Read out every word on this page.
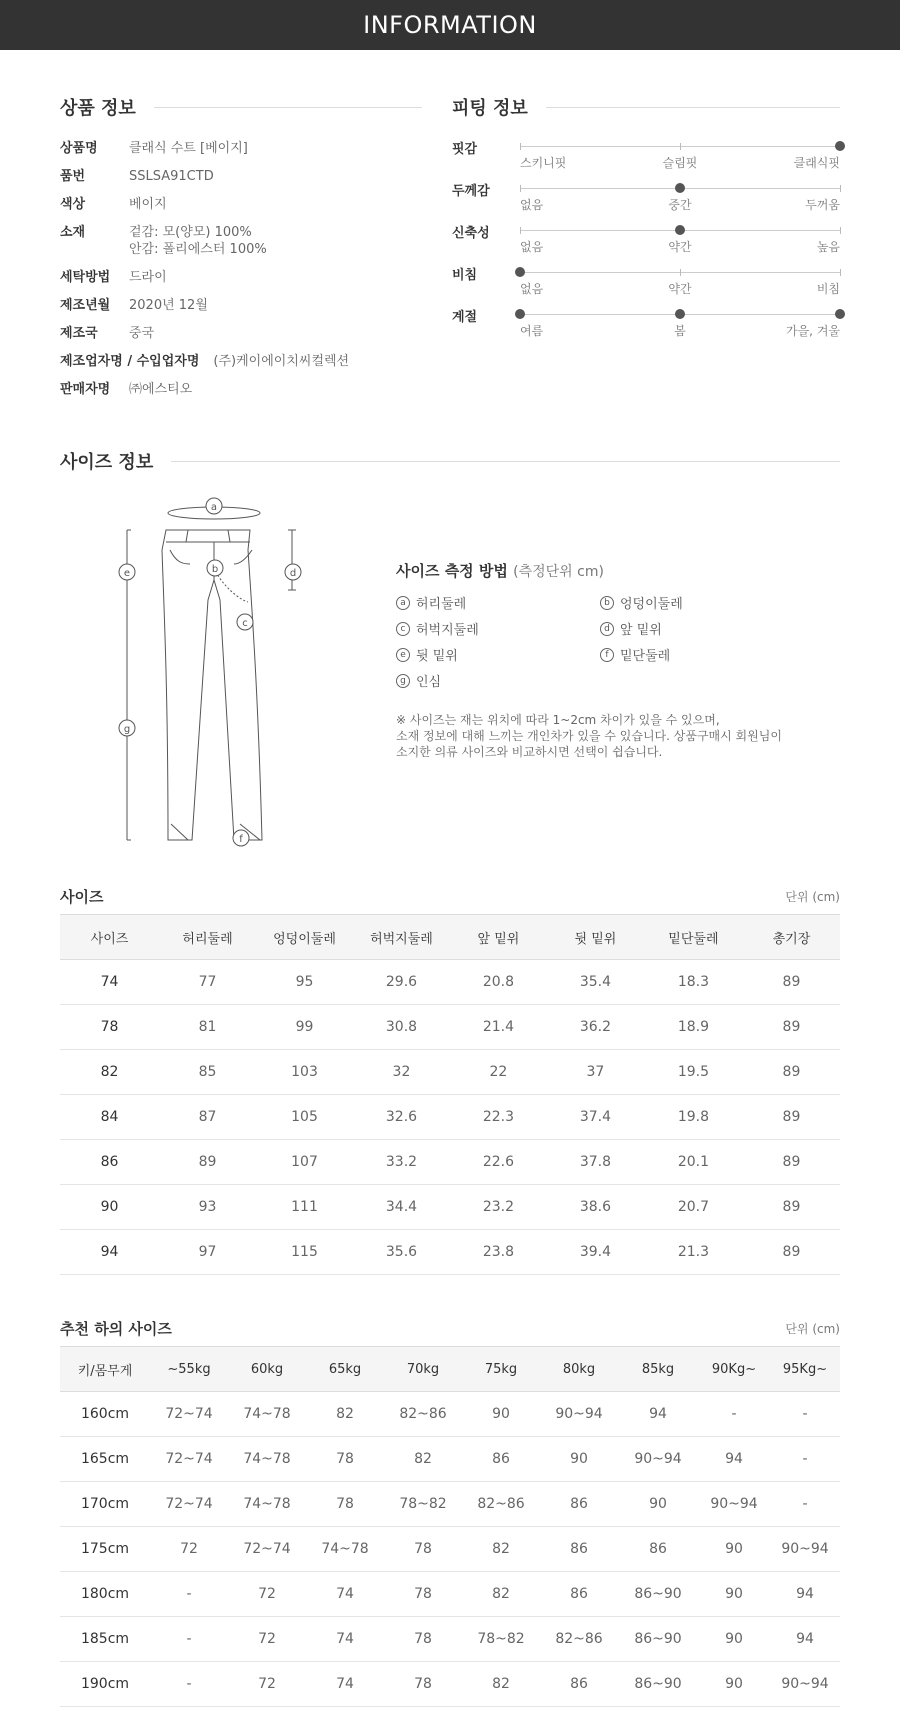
INFORMATION
상품 정보
상품명	클래식 수트 [베이지]
품번	SSLSA91CTD
색상	베이지
소재	겉감: 모(양모) 100%
안감: 폴리에스터 100%
세탁방법	드라이
제조년월	2020년 12월
제조국	중국
제조업자명 / 수입업자명 (주)케이에이치씨컬렉션
판매자명	㈜에스티오
피팅 정보
핏감
스키니핏	슬림핏	클래식핏
두께감
없음	중간	두꺼움
신축성
없음	약간	높음
비침
없음	약간	비침
계절
여름	봄	가을, 겨울
사이즈 정보
a
b
c
d
e
f
g
사이즈 측정 방법 (측정단위 cm)
a 허리둘레	b 엉덩이둘레
c 허벅지둘레	d 앞 밑위
e 뒷 밑위	f 밑단둘레
g 인심
※ 사이즈는 재는 위치에 따라 1~2cm 차이가 있을 수 있으며,
소재 정보에 대해 느끼는 개인차가 있을 수 있습니다. 상품구매시 회원님이
소지한 의류 사이즈와 비교하시면 선택이 쉽습니다.
사이즈	단위 (cm)
사이즈	허리둘레	엉덩이둘레	허벅지둘레	앞 밑위	뒷 밑위	밑단둘레	총기장
74	77	95	29.6	20.8	35.4	18.3	89
78	81	99	30.8	21.4	36.2	18.9	89
82	85	103	32	22	37	19.5	89
84	87	105	32.6	22.3	37.4	19.8	89
86	89	107	33.2	22.6	37.8	20.1	89
90	93	111	34.4	23.2	38.6	20.7	89
94	97	115	35.6	23.8	39.4	21.3	89
추천 하의 사이즈	단위 (cm)
키/몸무게	~55kg	60kg	65kg	70kg	75kg	80kg	85kg	90Kg~	95Kg~
160cm	72~74	74~78	82	82~86	90	90~94	94	-	-
165cm	72~74	74~78	78	82	86	90	90~94	94	-
170cm	72~74	74~78	78	78~82	82~86	86	90	90~94	-
175cm	72	72~74	74~78	78	82	86	86	90	90~94
180cm	-	72	74	78	82	86	86~90	90	94
185cm	-	72	74	78	78~82	82~86	86~90	90	94
190cm	-	72	74	78	82	86	86~90	90	90~94
